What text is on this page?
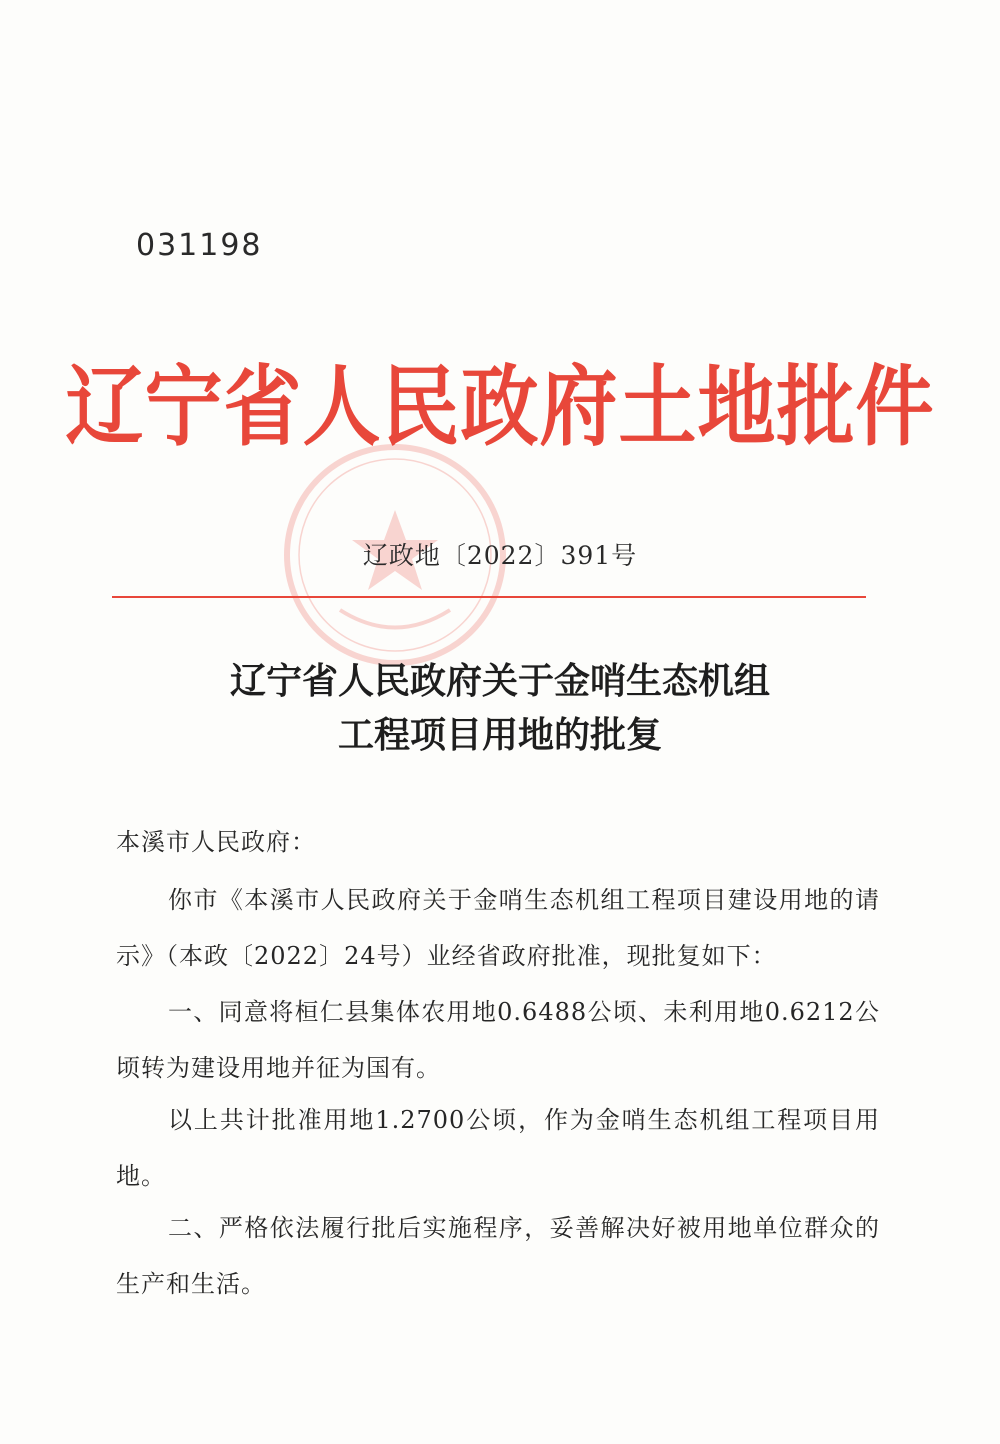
031198
辽宁省人民政府土地批件
辽政地〔2022〕391号
辽宁省人民政府关于金哨生态机组
工程项目用地的批复
本溪市人民政府：
你市《本溪市人民政府关于金哨生态机组工程项目建设用地的请示》（本政〔2022〕24号）业经省政府批准，现批复如下：
一、同意将桓仁县集体农用地0.6488公顷、未利用地0.6212公顷转为建设用地并征为国有。
以上共计批准用地1.2700公顷，作为金哨生态机组工程项目用地。
二、严格依法履行批后实施程序，妥善解决好被用地单位群众的生产和生活。
